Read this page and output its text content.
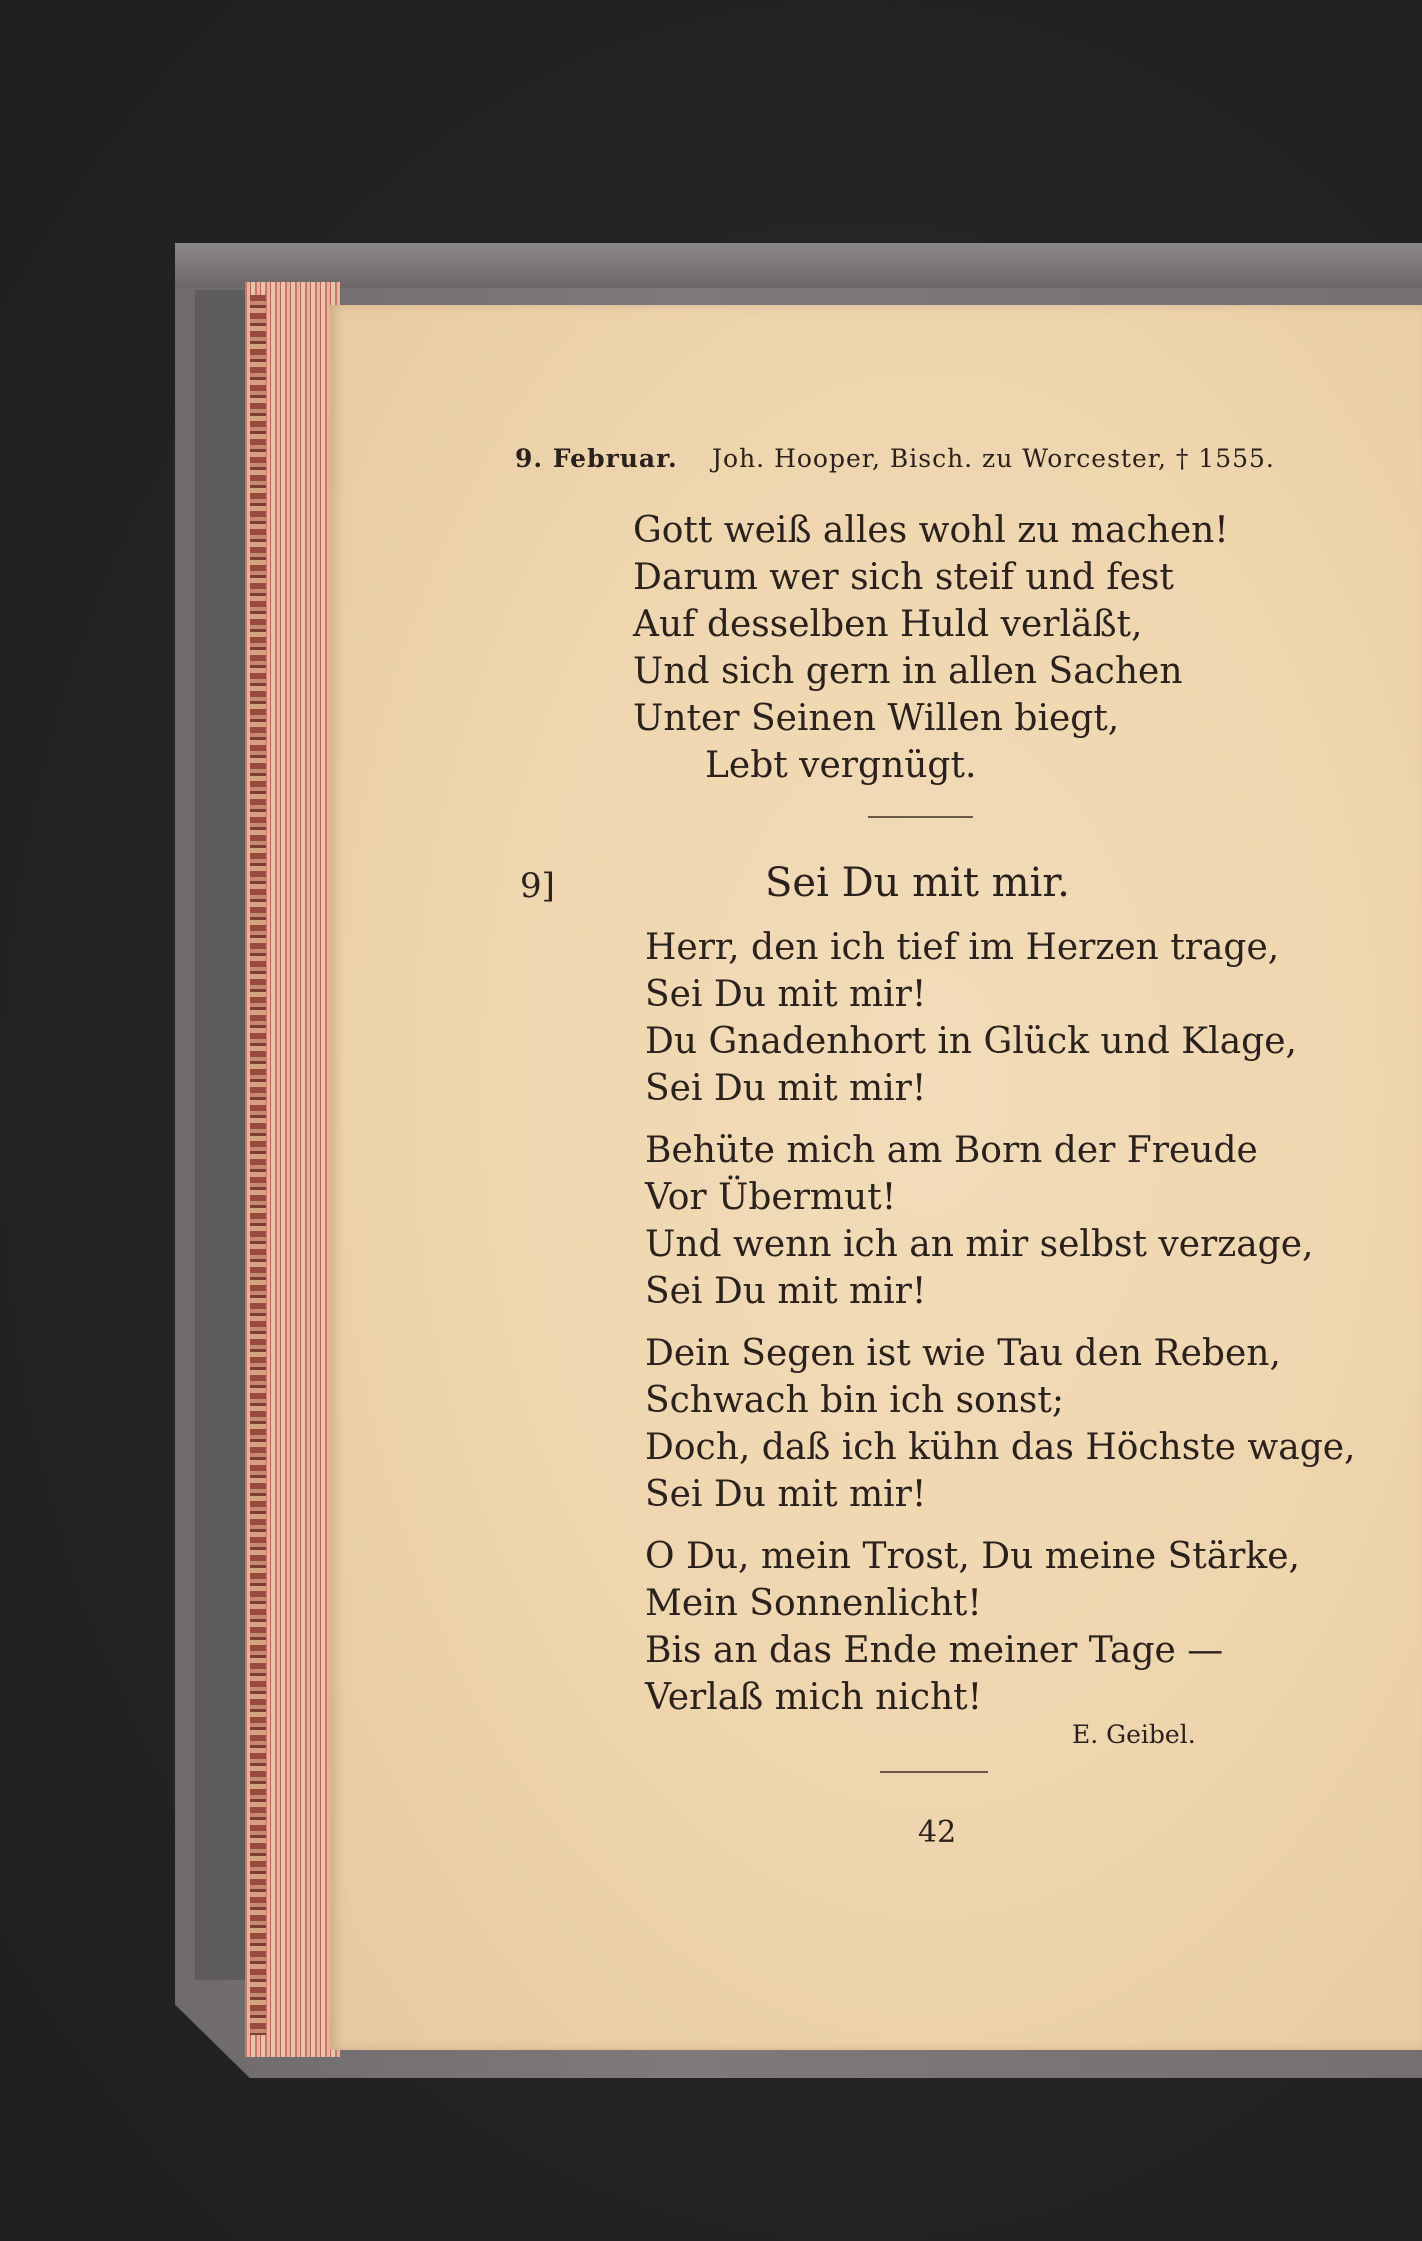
9. Februar. Joh. Hooper, Bisch. zu Worcester, † 1555.
Gott weiß alles wohl zu machen!
Darum wer sich steif und fest
Auf desselben Huld verläßt,
Und sich gern in allen Sachen
Unter Seinen Willen biegt,
Lebt vergnügt.
9]	Sei Du mit mir.
Herr, den ich tief im Herzen trage,
Sei Du mit mir!
Du Gnadenhort in Glück und Klage,
Sei Du mit mir!
Behüte mich am Born der Freude
Vor Übermut!
Und wenn ich an mir selbst verzage,
Sei Du mit mir!
Dein Segen ist wie Tau den Reben,
Schwach bin ich sonst;
Doch, daß ich kühn das Höchste wage,
Sei Du mit mir!
O Du, mein Trost, Du meine Stärke,
Mein Sonnenlicht!
Bis an das Ende meiner Tage —
Verlaß mich nicht!
E. Geibel.
42
